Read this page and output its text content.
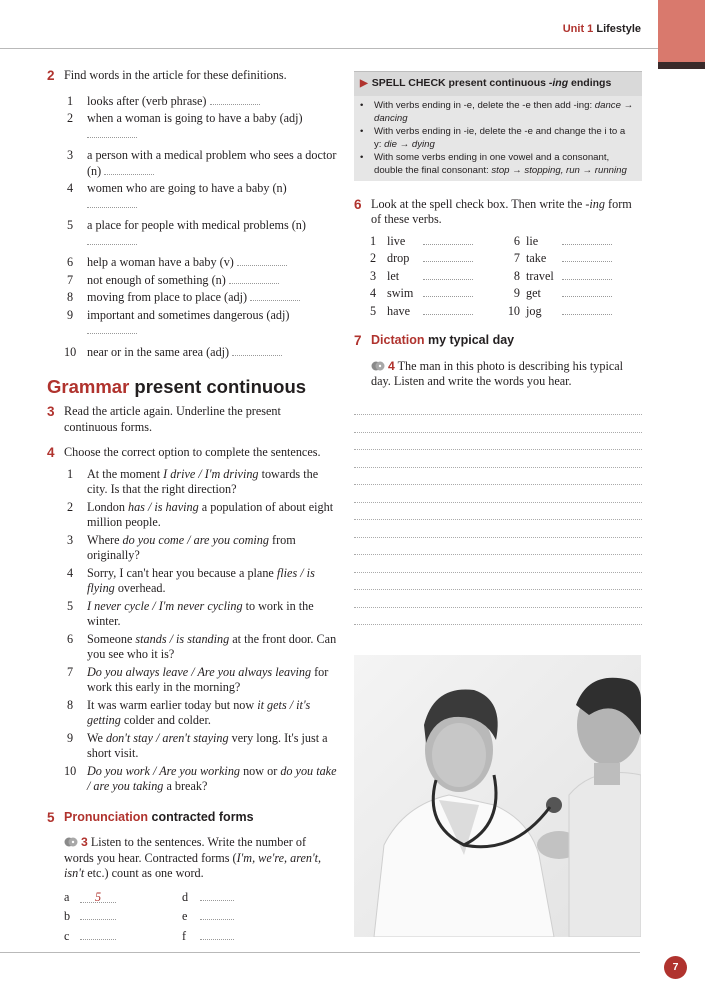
Unit 1 Lifestyle
2 Find words in the article for these definitions.
1	looks after (verb phrase)
2	when a woman is going to have a baby (adj)

3	a person with a medical problem who sees a doctor (n)
4	women who are going to have a baby (n)

5	a place for people with medical problems (n)

6	help a woman have a baby (v)
7	not enough of something (n)
8	moving from place to place (adj)
9	important and sometimes dangerous (adj)

10 near or in the same area (adj)
Grammar present continuous
3 Read the article again. Underline the present continuous forms.
4 Choose the correct option to complete the sentences.
1	At the moment I drive / I'm driving towards the city. Is that the right direction?
2	London has / is having a population of about eight million people.
3	Where do you come / are you coming from originally?
4	Sorry, I can't hear you because a plane flies / is flying overhead.
5	I never cycle / I'm never cycling to work in the winter.
6	Someone stands / is standing at the front door. Can you see who it is?
7	Do you always leave / Are you always leaving for work this early in the morning?
8	It was warm earlier today but now it gets / it's getting colder and colder.
9	We don't stay / aren't staying very long. It's just a short visit.
10 Do you work / Are you working now or do you take / are you taking a break?
5 Pronunciation contracted forms
3 Listen to the sentences. Write the number of words you hear. Contracted forms (I'm, we're, aren't, isn't etc.) count as one word.
a	5	d
b	e
c	f
▶ SPELL CHECK present continuous -ing endings
•	With verbs ending in -e, delete the -e then add -ing: dance → dancing
•	With verbs ending in -ie, delete the -e and change the i to a y: die → dying
•	With some verbs ending in one vowel and a consonant, double the final consonant: stop → stopping, run → running
6 Look at the spell check box. Then write the -ing form of these verbs.
1 live	6 lie
2 drop	7 take
3 let	8 travel
4 swim	9 get
5 have	10 jog
7 Dictation my typical day
4 The man in this photo is describing his typical day. Listen and write the words you hear.
7
